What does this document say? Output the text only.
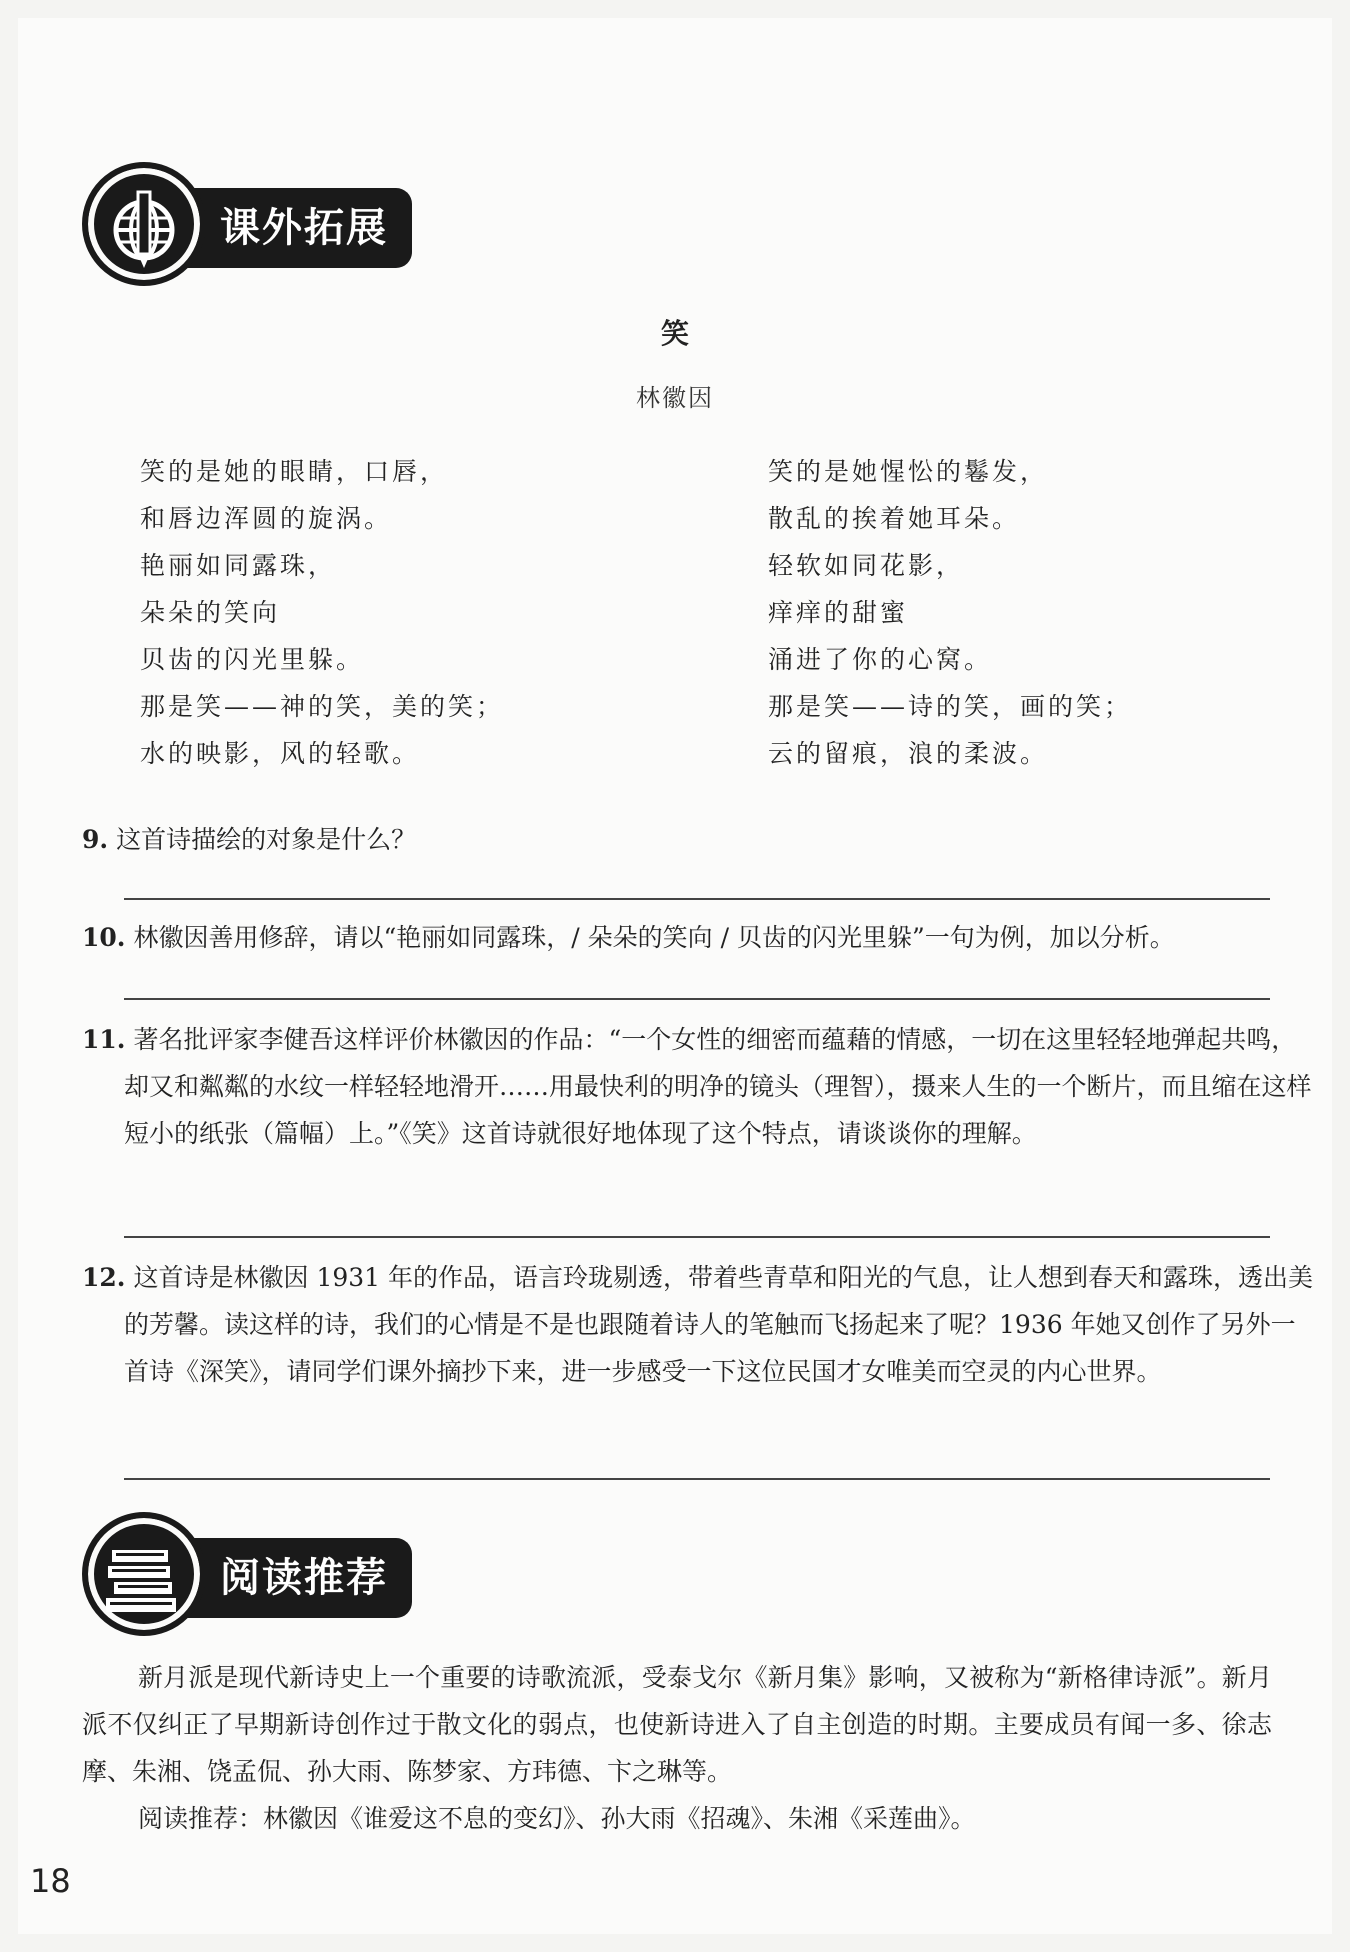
课外拓展
笑
林徽因
笑的是她的眼睛，口唇，
和唇边浑圆的旋涡。
艳丽如同露珠，
朵朵的笑向
贝齿的闪光里躲。
那是笑——神的笑，美的笑；
水的映影，风的轻歌。
笑的是她惺忪的鬈发，
散乱的挨着她耳朵。
轻软如同花影，
痒痒的甜蜜
涌进了你的心窝。
那是笑——诗的笑，画的笑；
云的留痕，浪的柔波。
9. 这首诗描绘的对象是什么？
10. 林徽因善用修辞，请以“艳丽如同露珠，/ 朵朵的笑向 / 贝齿的闪光里躲”一句为例，加以分析。
11. 著名批评家李健吾这样评价林徽因的作品：“一个女性的细密而蕴藉的情感，一切在这里轻轻地弹起共鸣，却又和粼粼的水纹一样轻轻地滑开……用最快利的明净的镜头（理智），摄来人生的一个断片，而且缩在这样短小的纸张（篇幅）上。”《笑》这首诗就很好地体现了这个特点，请谈谈你的理解。
12. 这首诗是林徽因 1931 年的作品，语言玲珑剔透，带着些青草和阳光的气息，让人想到春天和露珠，透出美的芳馨。读这样的诗，我们的心情是不是也跟随着诗人的笔触而飞扬起来了呢？1936 年她又创作了另外一首诗《深笑》，请同学们课外摘抄下来，进一步感受一下这位民国才女唯美而空灵的内心世界。
阅读推荐

新月派是现代新诗史上一个重要的诗歌流派，受泰戈尔《新月集》影响，又被称为“新格律诗派”。新月派不仅纠正了早期新诗创作过于散文化的弱点，也使新诗进入了自主创造的时期。主要成员有闻一多、徐志摩、朱湘、饶孟侃、孙大雨、陈梦家、方玮德、卞之琳等。

阅读推荐：林徽因《谁爱这不息的变幻》、孙大雨《招魂》、朱湘《采莲曲》。

18
